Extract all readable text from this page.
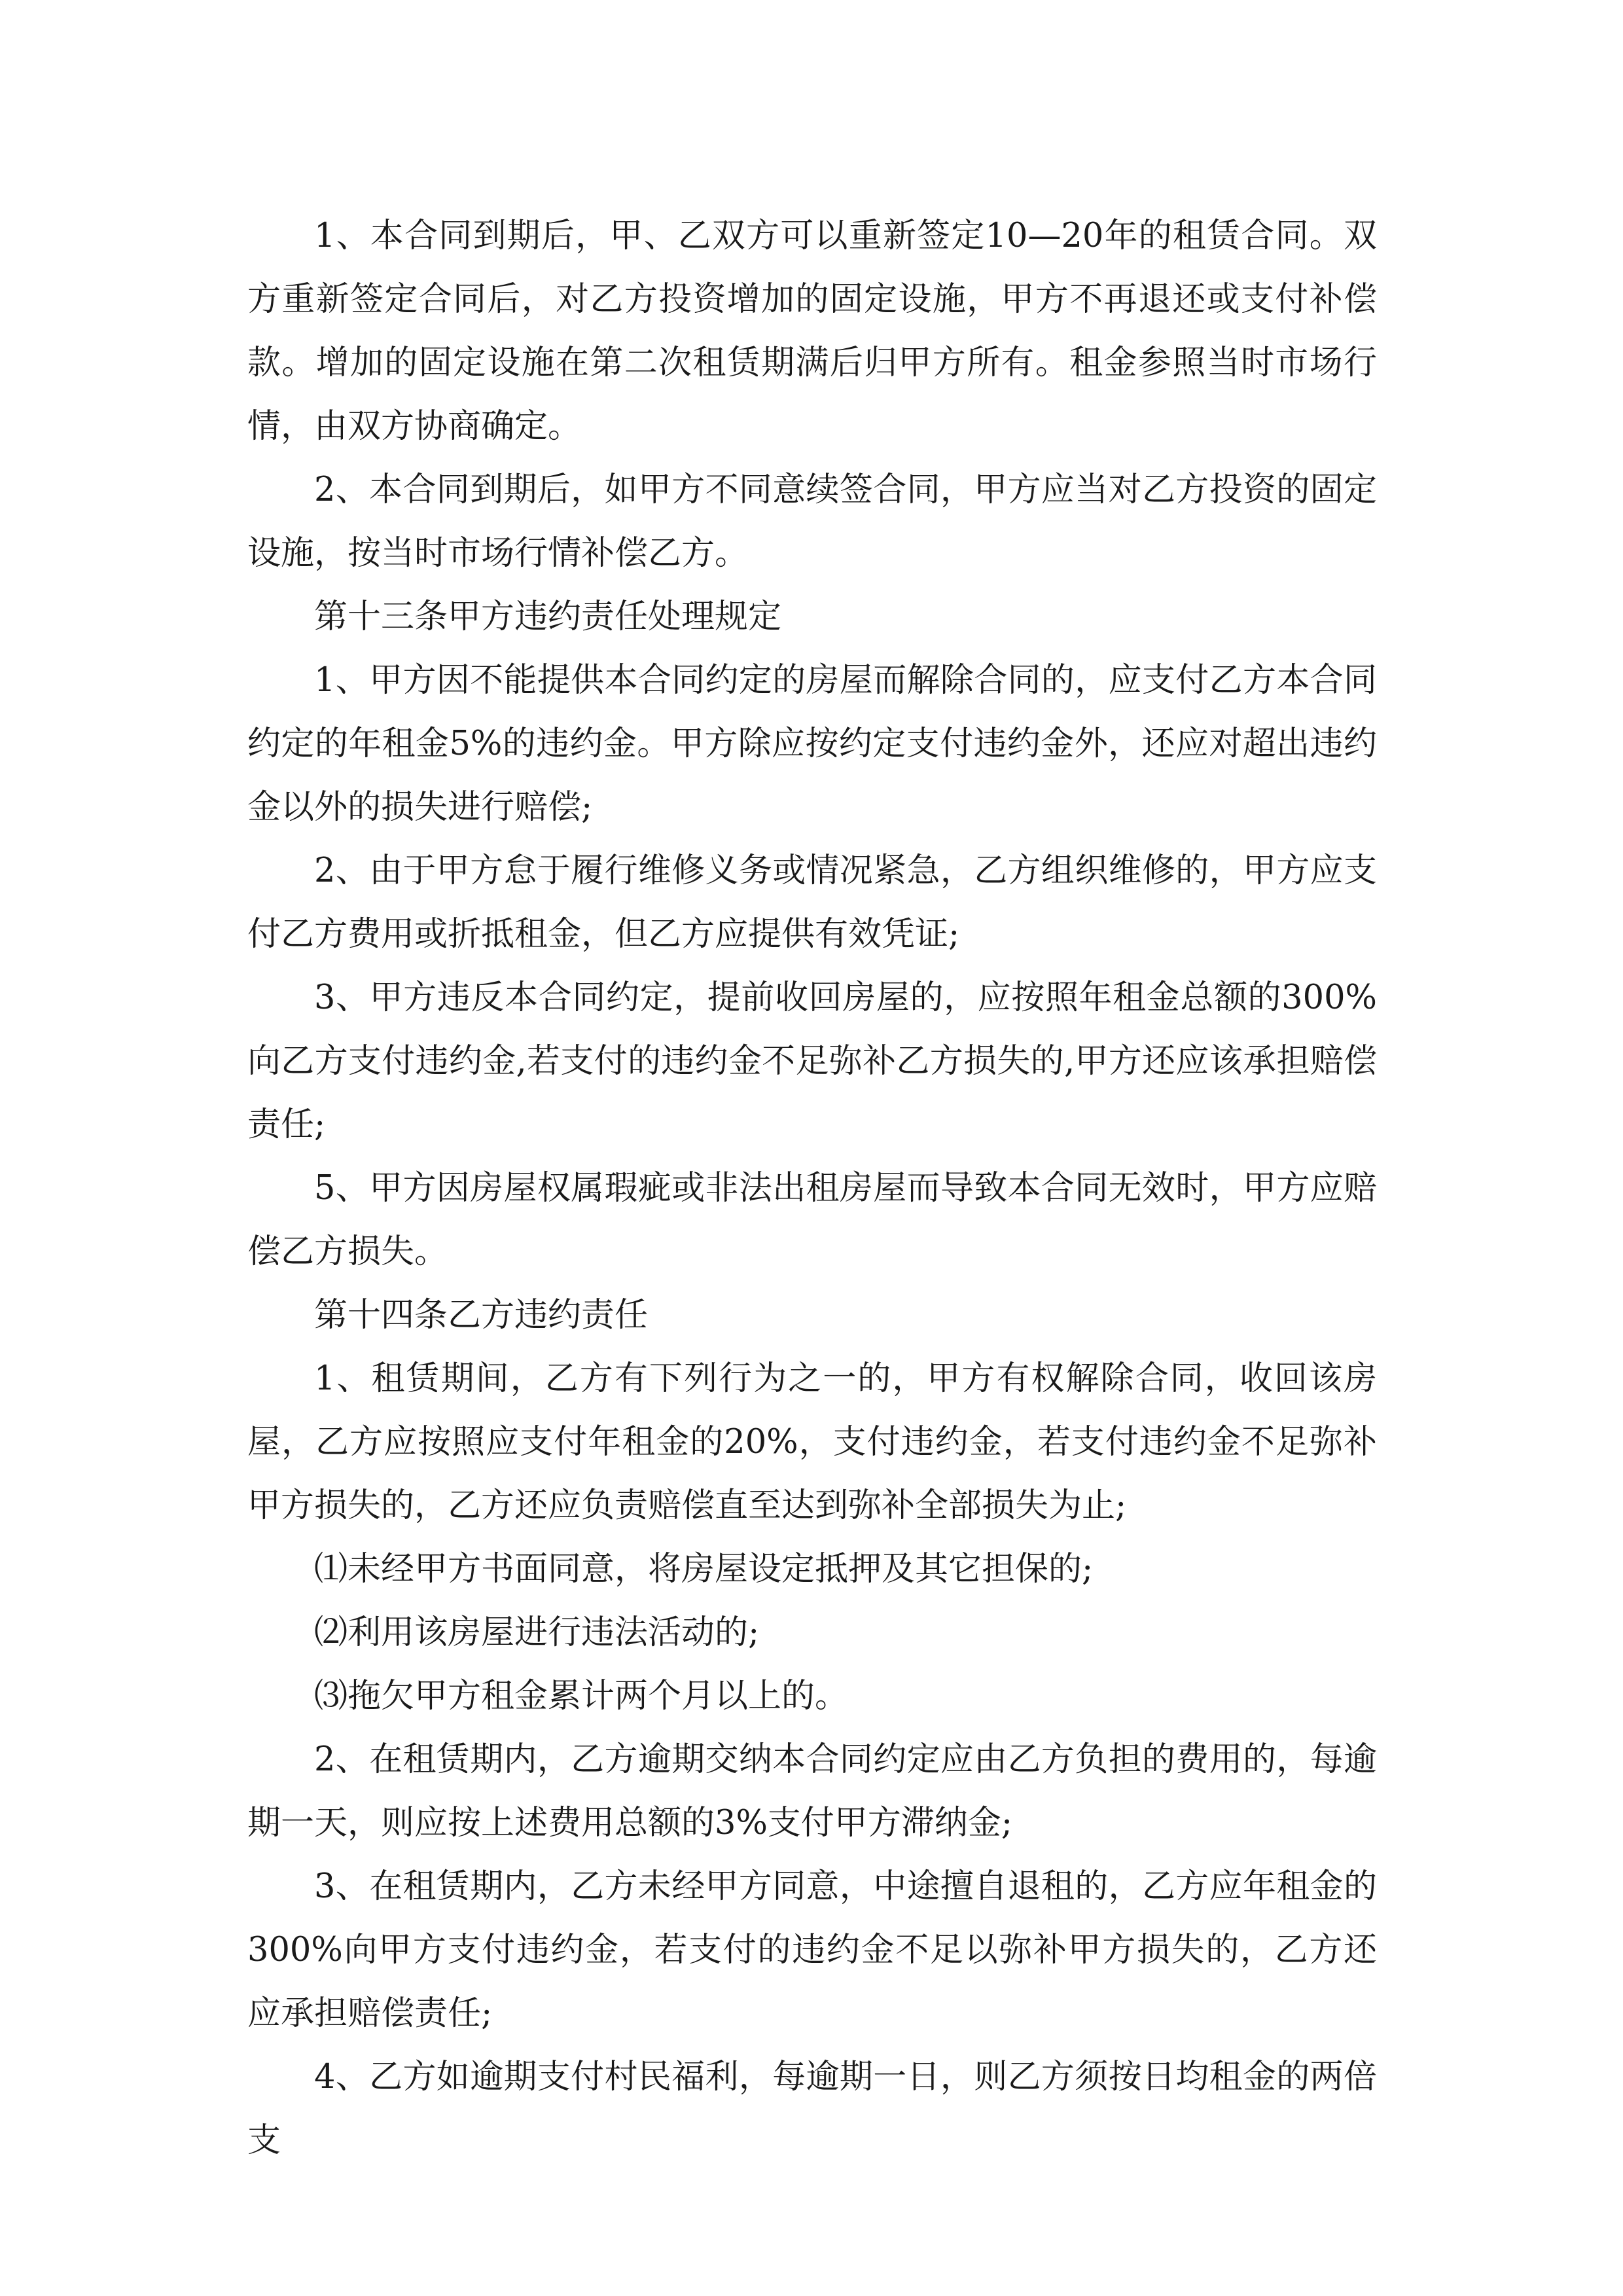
1、本合同到期后，甲、乙双方可以重新签定10—20年的租赁合同。双方重新签定合同后，对乙方投资增加的固定设施，甲方不再退还或支付补偿款。增加的固定设施在第二次租赁期满后归甲方所有。租金参照当时市场行情，由双方协商确定。

2、本合同到期后，如甲方不同意续签合同，甲方应当对乙方投资的固定设施，按当时市场行情补偿乙方。

第十三条甲方违约责任处理规定

1、甲方因不能提供本合同约定的房屋而解除合同的，应支付乙方本合同约定的年租金5%的违约金。甲方除应按约定支付违约金外，还应对超出违约金以外的损失进行赔偿;

2、由于甲方怠于履行维修义务或情况紧急，乙方组织维修的，甲方应支付乙方费用或折抵租金，但乙方应提供有效凭证;

3、甲方违反本合同约定，提前收回房屋的，应按照年租金总额的300%向乙方支付违约金,若支付的违约金不足弥补乙方损失的,甲方还应该承担赔偿责任;

5、甲方因房屋权属瑕疵或非法出租房屋而导致本合同无效时，甲方应赔偿乙方损失。

第十四条乙方违约责任

1、租赁期间，乙方有下列行为之一的，甲方有权解除合同，收回该房屋，乙方应按照应支付年租金的20%，支付违约金，若支付违约金不足弥补甲方损失的，乙方还应负责赔偿直至达到弥补全部损失为止;

⑴未经甲方书面同意，将房屋设定抵押及其它担保的;

⑵利用该房屋进行违法活动的;

⑶拖欠甲方租金累计两个月以上的。

2、在租赁期内，乙方逾期交纳本合同约定应由乙方负担的费用的，每逾期一天，则应按上述费用总额的3%支付甲方滞纳金;

3、在租赁期内，乙方未经甲方同意，中途擅自退租的，乙方应年租金的300%向甲方支付违约金，若支付的违约金不足以弥补甲方损失的，乙方还应承担赔偿责任;

4、乙方如逾期支付村民福利，每逾期一日，则乙方须按日均租金的两倍支
